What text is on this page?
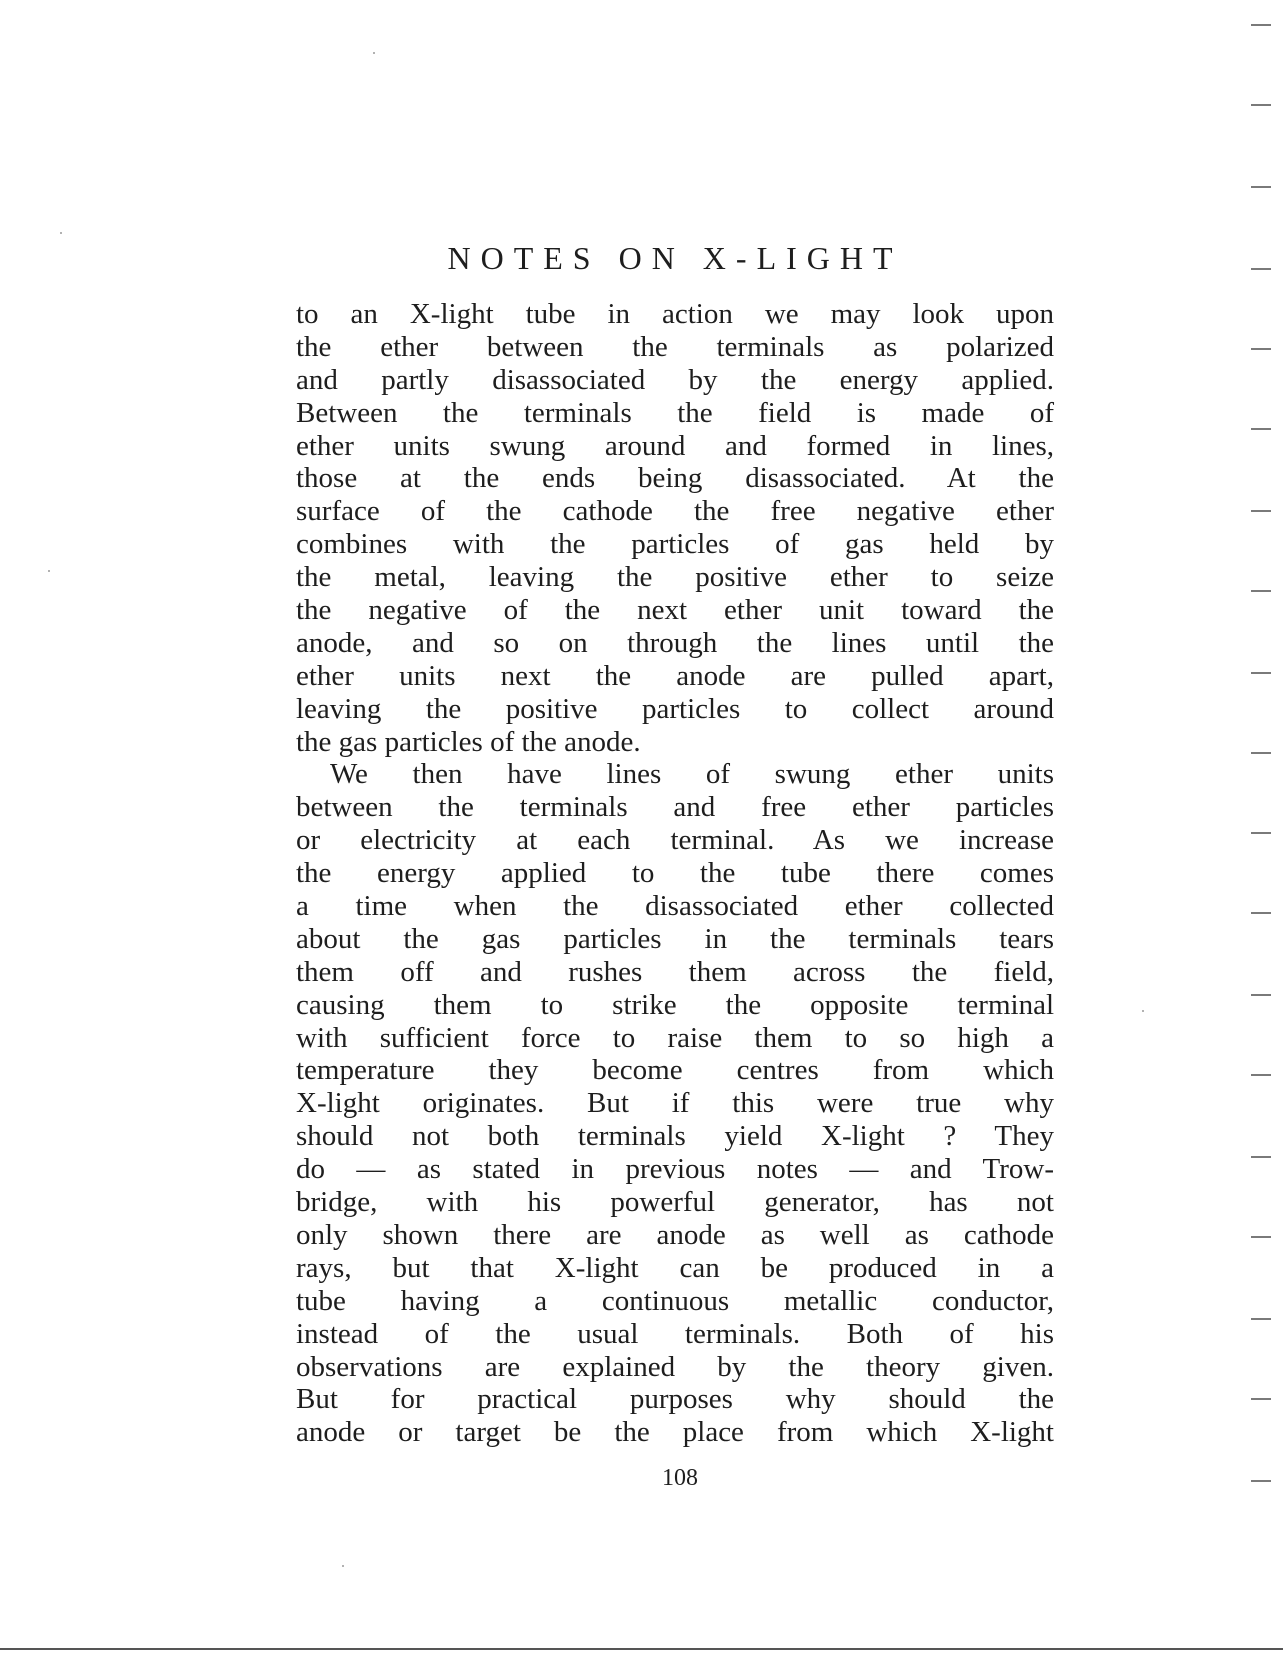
NOTES ON X-LIGHT
to an X-light tube in action we may look upon
the ether between the terminals as polarized
and partly disassociated by the energy applied.
Between the terminals the field is made of
ether units swung around and formed in lines,
those at the ends being disassociated. At the
surface of the cathode the free negative ether
combines with the particles of gas held by
the metal, leaving the positive ether to seize
the negative of the next ether unit toward the
anode, and so on through the lines until the
ether units next the anode are pulled apart,
leaving the positive particles to collect around
the gas particles of the anode.
We then have lines of swung ether units
between the terminals and free ether particles
or electricity at each terminal. As we increase
the energy applied to the tube there comes
a time when the disassociated ether collected
about the gas particles in the terminals tears
them off and rushes them across the field,
causing them to strike the opposite terminal
with sufficient force to raise them to so high a
temperature they become centres from which
X-light originates. But if this were true why
should not both terminals yield X-light ? They
do — as stated in previous notes — and Trow-
bridge, with his powerful generator, has not
only shown there are anode as well as cathode
rays, but that X-light can be produced in a
tube having a continuous metallic conductor,
instead of the usual terminals. Both of his
observations are explained by the theory given.
But for practical purposes why should the
anode or target be the place from which X-light
108
